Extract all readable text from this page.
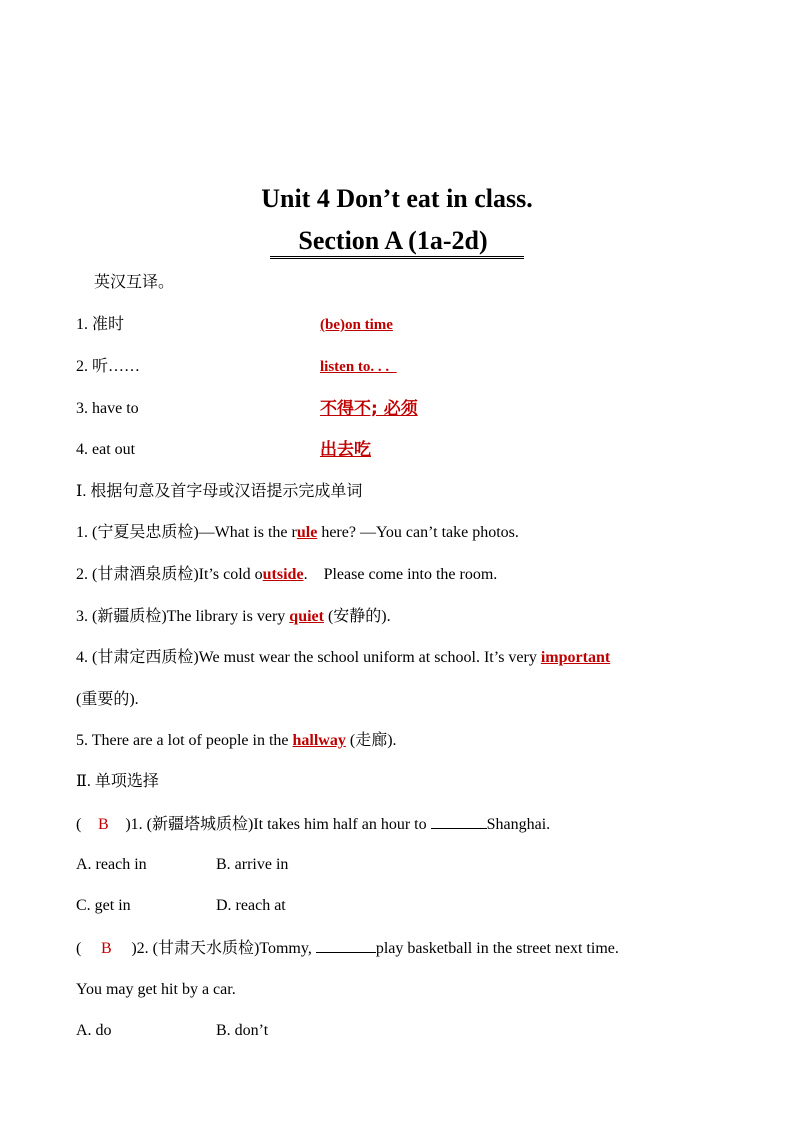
Unit 4 Don’t eat in class.
Section A (1a-2d)
英汉互译。
1. 准时	(be)on time
2. 听……	listen to. . .
3. have to	不得不; 必须
4. eat out	出去吃
Ⅰ. 根据句意及首字母或汉语提示完成单词
1. (宁夏吴忠质检)—What is the rule here? —You can’t take photos.
2. (甘肃酒泉质检)It’s cold outside.    Please come into the room.
3. (新疆质检)The library is very quiet (安静的).
4. (甘肃定西质检)We must wear the school uniform at school. It’s very important
(重要的).
5. There are a lot of people in the hallway (走廊).
Ⅱ. 单项选择
( B )1. (新疆塔城质检)It takes him half an hour to	Shanghai.
A. reach in	B. arrive in
C. get in	D. reach at
( B )2. (甘肃天水质检)Tommy,	play basketball in the street next time.
You may get hit by a car.
A. do	B. don’t
